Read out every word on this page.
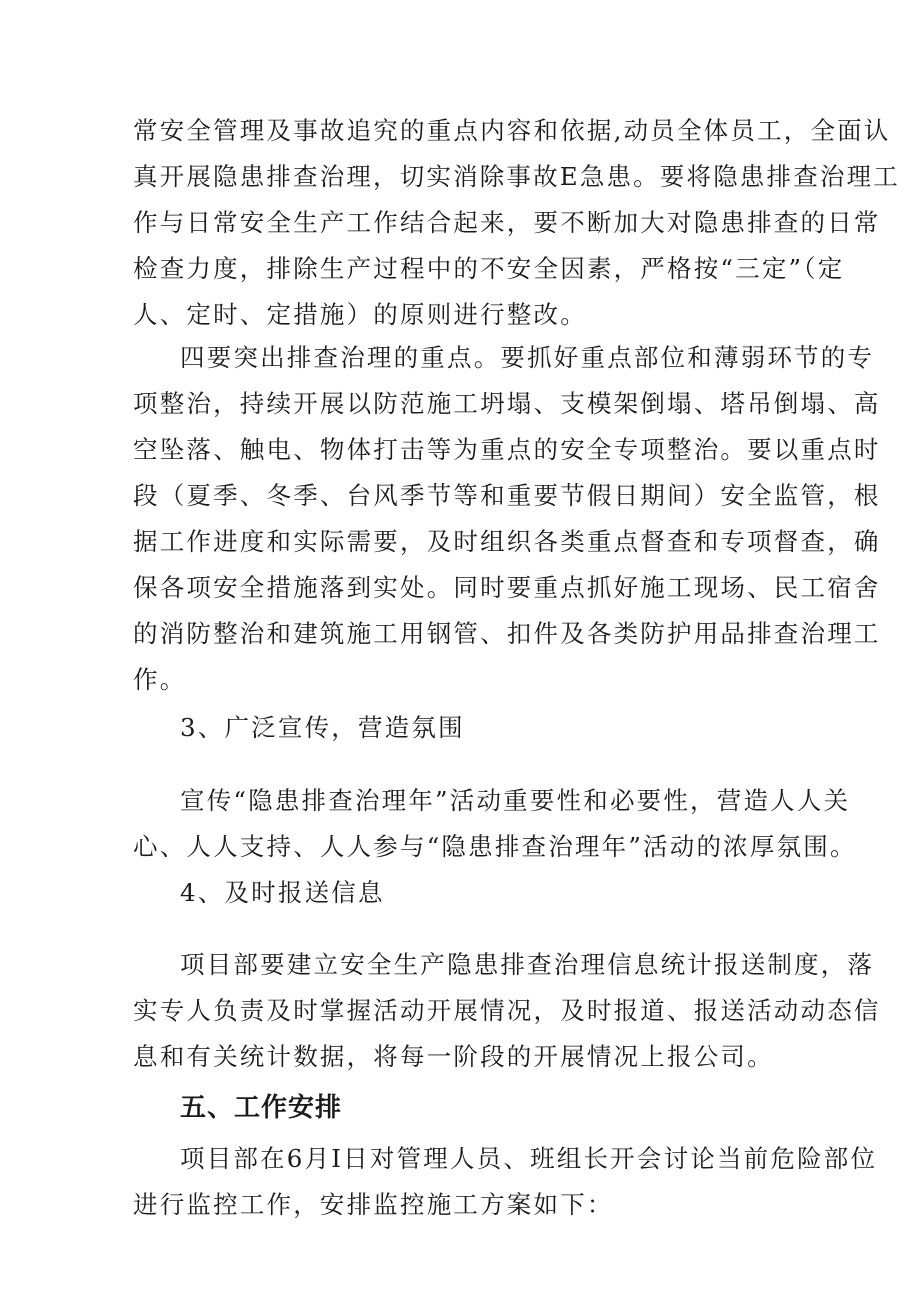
常安全管理及事故追究的重点内容和依据,动员全体员工，全面认
真开展隐患排查治理，切实消除事故E急患。要将隐患排查治理工
作与日常安全生产工作结合起来，要不断加大对隐患排查的日常
检查力度，排除生产过程中的不安全因素，严格按“三定”（定
人、定时、定措施）的原则进行整改。
四要突出排查治理的重点。要抓好重点部位和薄弱环节的专
项整治，持续开展以防范施工坍塌、支模架倒塌、塔吊倒塌、高
空坠落、触电、物体打击等为重点的安全专项整治。要以重点时
段（夏季、冬季、台风季节等和重要节假日期间）安全监管，根
据工作进度和实际需要，及时组织各类重点督查和专项督查，确
保各项安全措施落到实处。同时要重点抓好施工现场、民工宿舍
的消防整治和建筑施工用钢管、扣件及各类防护用品排查治理工
作。
3、广泛宣传，营造氛围
宣传“隐患排查治理年”活动重要性和必要性，营造人人关
心、人人支持、人人参与“隐患排查治理年”活动的浓厚氛围。
4、及时报送信息
项目部要建立安全生产隐患排查治理信息统计报送制度，落
实专人负责及时掌握活动开展情况，及时报道、报送活动动态信
息和有关统计数据，将每一阶段的开展情况上报公司。
五、工作安排
项目部在6月I日对管理人员、班组长开会讨论当前危险部位
进行监控工作，安排监控施工方案如下：
